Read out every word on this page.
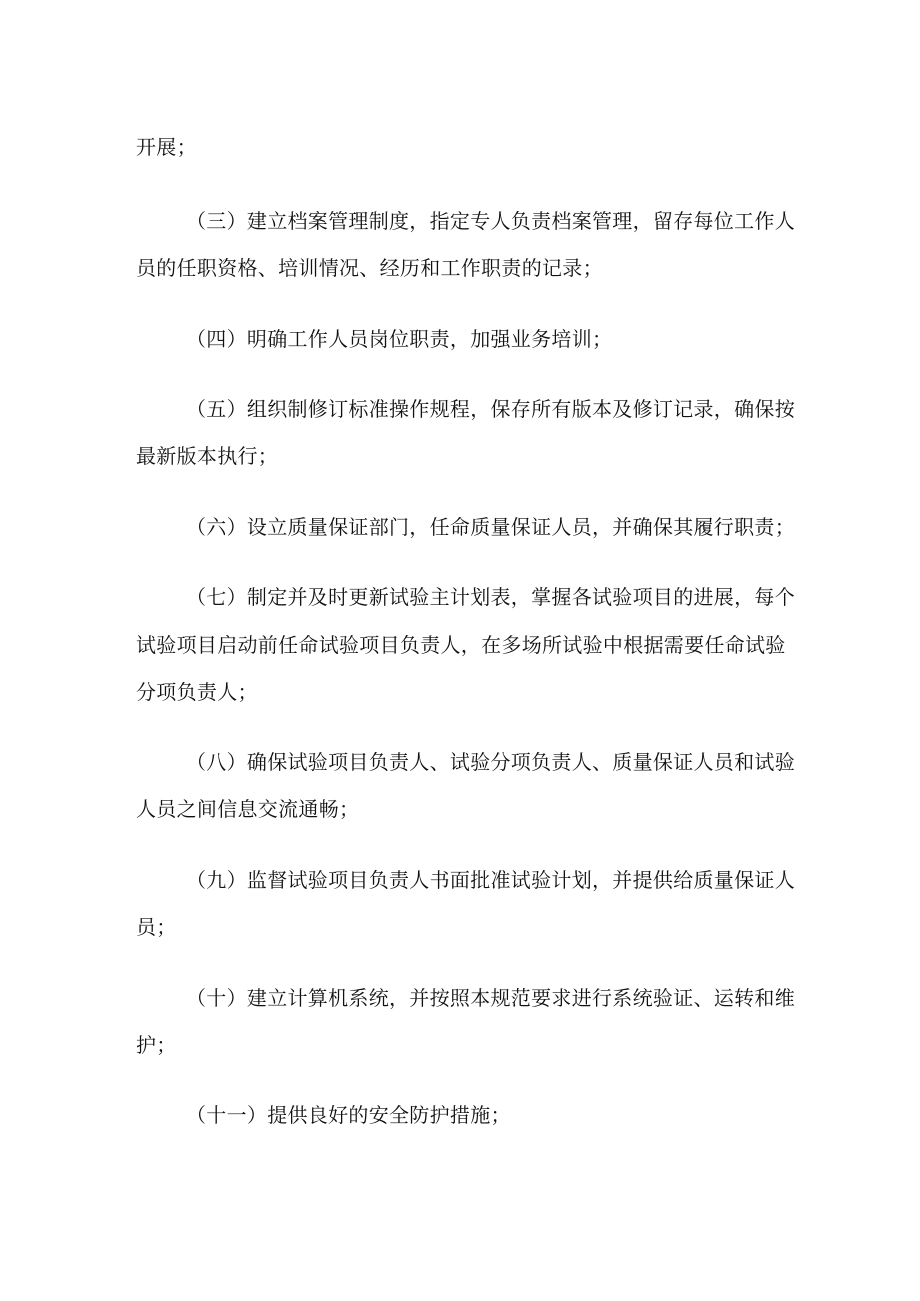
开展；

（三）建立档案管理制度，指定专人负责档案管理，留存每位工作人

员的任职资格、培训情况、经历和工作职责的记录；

（四）明确工作人员岗位职责，加强业务培训；

（五）组织制修订标准操作规程，保存所有版本及修订记录，确保按

最新版本执行；

（六）设立质量保证部门，任命质量保证人员，并确保其履行职责；

（七）制定并及时更新试验主计划表，掌握各试验项目的进展，每个

试验项目启动前任命试验项目负责人，在多场所试验中根据需要任命试验

分项负责人；

（八）确保试验项目负责人、试验分项负责人、质量保证人员和试验

人员之间信息交流通畅；

（九）监督试验项目负责人书面批准试验计划，并提供给质量保证人

员；

（十）建立计算机系统，并按照本规范要求进行系统验证、运转和维

护；

（十一）提供良好的安全防护措施；
